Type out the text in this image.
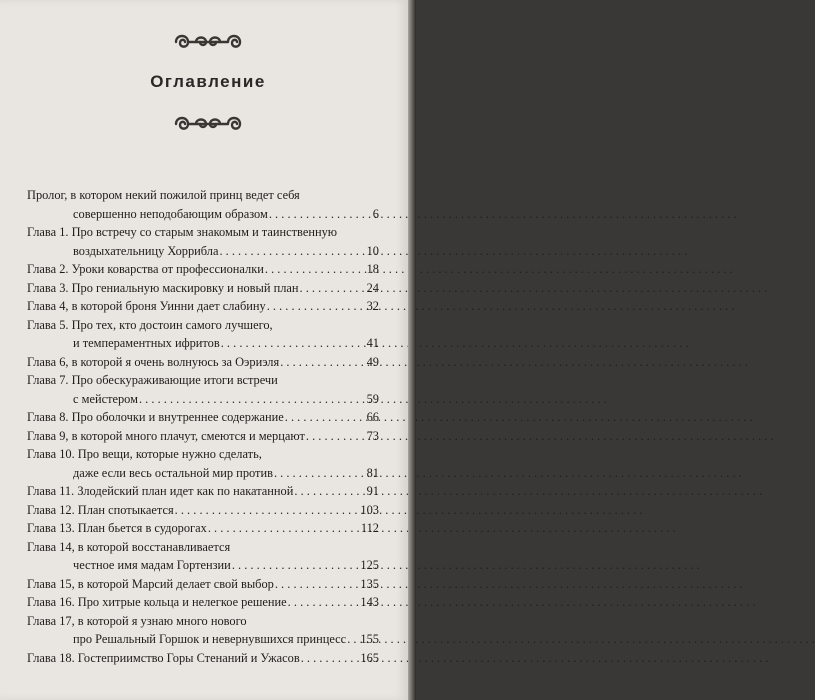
Оглавление
Пролог, в котором некий пожилой принц ведет себя
совершенно неподобающим образом . . .	6
Глава 1. Про встречу со старым знакомым и таинственную
воздыхательницу Хоррибла . . .	10
Глава 2. Уроки коварства от профессионалки . . .	18
Глава 3. Про гениальную маскировку и новый план . . .	24
Глава 4, в которой броня Уинни дает слабину . . .	32
Глава 5. Про тех, кто достоин самого лучшего,
и темпераментных ифритов . . .	41
Глава 6, в которой я очень волнуюсь за Оэриэля . . .	49
Глава 7. Про обескураживающие итоги встречи
с мейстером . . .	59
Глава 8. Про оболочки и внутреннее содержание . . .	66
Глава 9, в которой много плачут, смеются и мерцают . . .	73
Глава 10. Про вещи, которые нужно сделать,
даже если весь остальной мир против . . .	81
Глава 11. Злодейский план идет как по накатанной . . .	91
Глава 12. План спотыкается . . .	103
Глава 13. План бьется в судорогах . . .	112
Глава 14, в которой восстанавливается
честное имя мадам Гортензии . . .	125
Глава 15, в которой Марсий делает свой выбор . . .	135
Глава 16. Про хитрые кольца и нелегкое решение . . .	143
Глава 17, в которой я узнаю много нового
про Решальный Горшок и невернувшихся принцесс . . . 155
Глава 18. Гостеприимство Горы Стенаний и Ужасов . . .	165
